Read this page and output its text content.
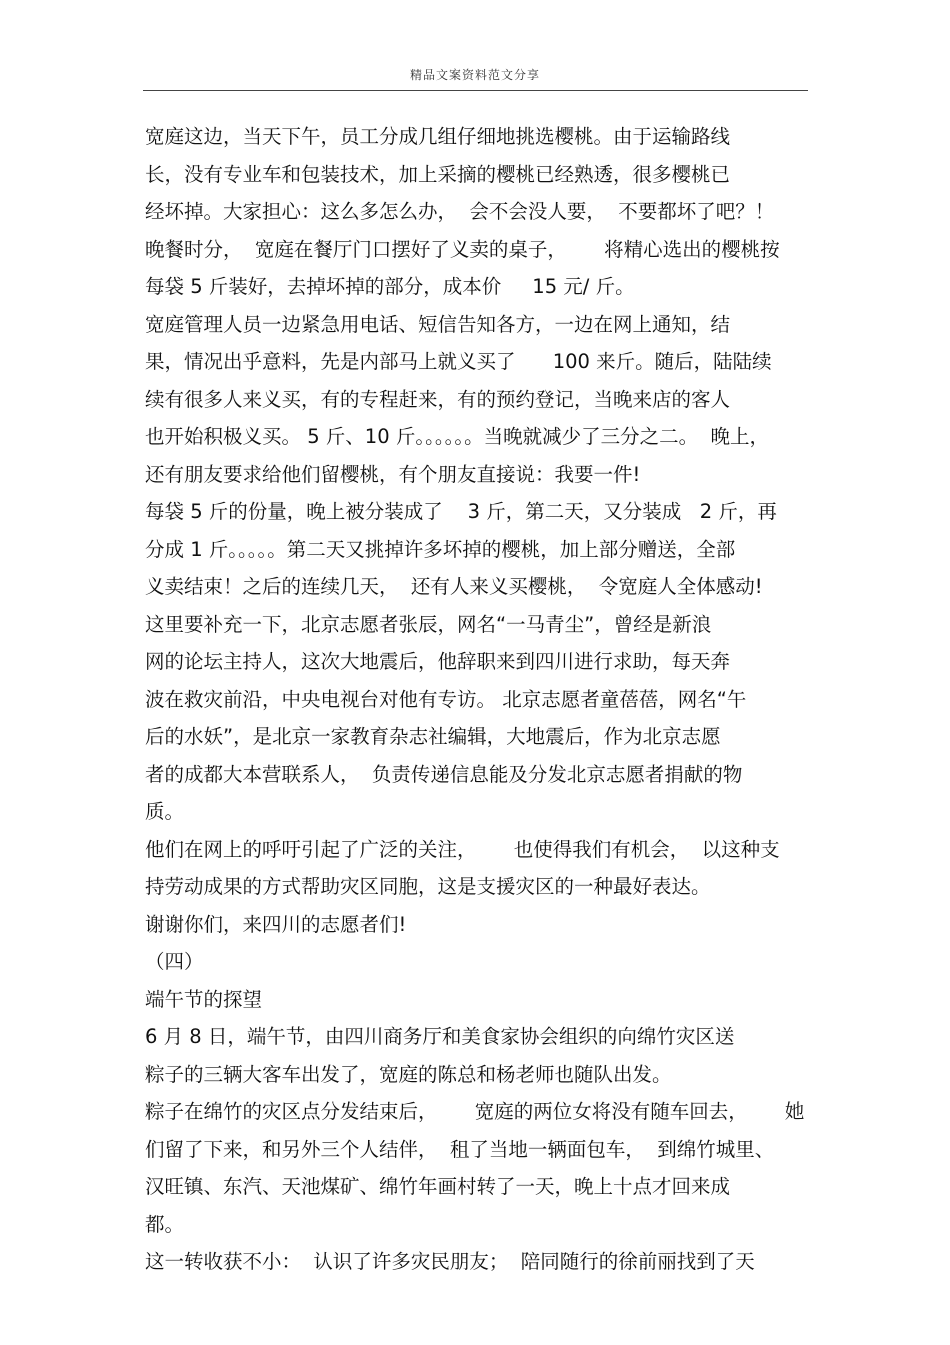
精品文案资料范文分享
宽庭这边，当天下午，员工分成几组仔细地挑选樱桃。由于运输路线
长，没有专业车和包装技术，加上采摘的樱桃已经熟透，很多樱桃已
经坏掉。大家担心：这么多怎么办，  会不会没人要，  不要都坏了吧？！
晚餐时分，  宽庭在餐厅门口摆好了义卖的桌子，      将精心选出的樱桃按
每袋 5 斤装好，去掉坏掉的部分，成本价     15 元/ 斤。
宽庭管理人员一边紧急用电话、短信告知各方，一边在网上通知，结
果，情况出乎意料，先是内部马上就义买了      100 来斤。随后，陆陆续
续有很多人来义买，有的专程赶来，有的预约登记，当晚来店的客人
也开始积极义买。 5 斤、10 斤。。。。。。当晚就减少了三分之二。  晚上，
还有朋友要求给他们留樱桃，有个朋友直接说：我要一件!
每袋 5 斤的份量，晚上被分装成了    3 斤，第二天，又分装成   2 斤，再
分成 1 斤。。。。。第二天又挑掉许多坏掉的樱桃，加上部分赠送，全部
义卖结束！之后的连续几天，  还有人来义买樱桃，  令宽庭人全体感动!
这里要补充一下，北京志愿者张辰，网名“一马青尘”，曾经是新浪
网的论坛主持人，这次大地震后，他辞职来到四川进行求助，每天奔
波在救灾前沿，中央电视台对他有专访。 北京志愿者童蓓蓓，网名“午
后的水妖”，是北京一家教育杂志社编辑，大地震后，作为北京志愿
者的成都大本营联系人，  负责传递信息能及分发北京志愿者捐献的物
质。
他们在网上的呼吁引起了广泛的关注，      也使得我们有机会，  以这种支
持劳动成果的方式帮助灾区同胞，这是支援灾区的一种最好表达。
谢谢你们，来四川的志愿者们!
（四）
端午节的探望
6 月 8 日，端午节，由四川商务厅和美食家协会组织的向绵竹灾区送
粽子的三辆大客车出发了，宽庭的陈总和杨老师也随队出发。
粽子在绵竹的灾区点分发结束后，      宽庭的两位女将没有随车回去，      她
们留了下来，和另外三个人结伴，  租了当地一辆面包车，  到绵竹城里、
汉旺镇、东汽、天池煤矿、绵竹年画村转了一天，晚上十点才回来成
都。
这一转收获不小：  认识了许多灾民朋友；  陪同随行的徐前丽找到了天
